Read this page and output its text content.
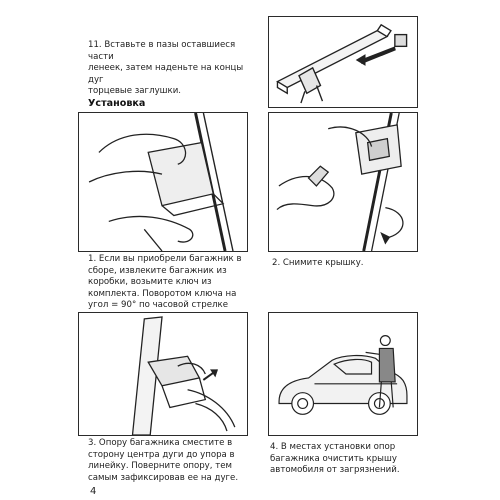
11. Вставьте в пазы оставшиеся части
ленеек, затем наденьте на концы дуг
торцевые заглушки.
Установка
1. Если вы приобрели багажник в
сборе, извлеките багажник из
коробки, возьмите ключ из
комплекта. Поворотом ключа на
угол = 90° по часовой стрелке

2. Снимите крышку.
3. Опору багажника сместите в
сторону центра дуги до упора в
линейку. Поверните опору, тем
самым зафиксировав ее на дуге.
4. В местах установки опор
багажника очистить крышу
автомобиля от загрязнений.
4
